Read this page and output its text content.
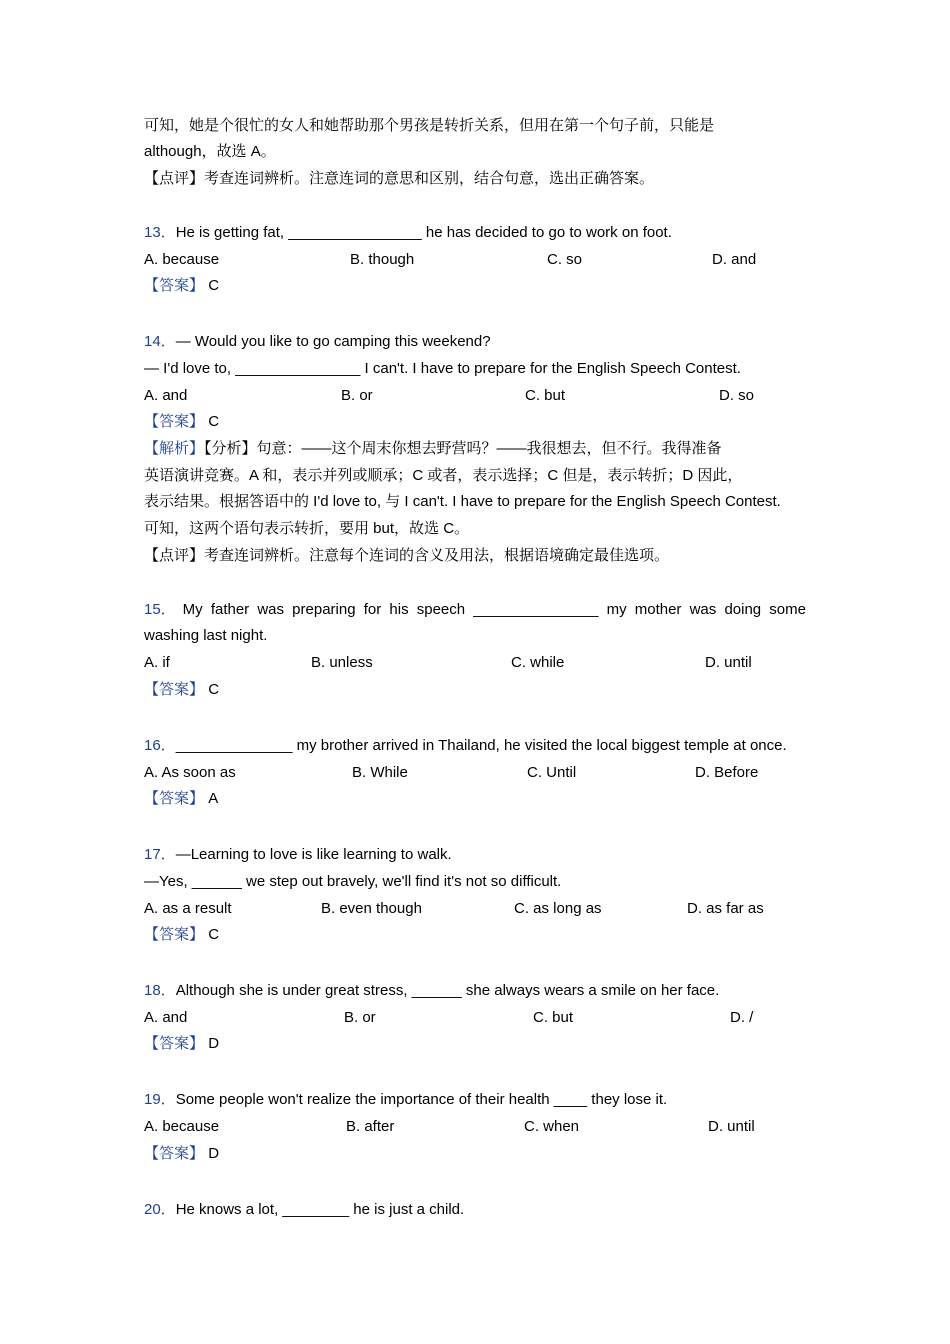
可知，她是个很忙的女人和她帮助那个男孩是转折关系，但用在第一个句子前，只能是
although，故选 A。
【点评】考查连词辨析。注意连词的意思和区别，结合句意，选出正确答案。
13．He is getting fat, ________________ he has decided to go to work on foot.
A. because	B. though	C. so	D. and
【答案】 C
14．— Would you like to go camping this weekend?
— I'd love to, _______________ I can't. I have to prepare for the English Speech Contest.
A. and	B. or	C. but	D. so
【答案】 C
【解析】【分析】句意：——这个周末你想去野营吗？——我很想去，但不行。我得准备
英语演讲竞赛。A 和，表示并列或顺承；C 或者，表示选择；C 但是，表示转折；D 因此，
表示结果。根据答语中的 I'd love to, 与 I can't. I have to prepare for the English Speech Contest.
可知，这两个语句表示转折，要用 but，故选 C。
【点评】考查连词辨析。注意每个连词的含义及用法，根据语境确定最佳选项。
15． My father was preparing for his speech _______________ my mother was doing some
washing last night.
A. if	B. unless	C. while	D. until
【答案】 C
16．______________ my brother arrived in Thailand, he visited the local biggest temple at once.
A. As soon as	B. While	C. Until	D. Before
【答案】 A
17．—Learning to love is like learning to walk.
—Yes, ______ we step out bravely, we'll find it's not so difficult.
A. as a result	B. even though	C. as long as	D. as far as
【答案】 C
18．Although she is under great stress, ______ she always wears a smile on her face.
A. and	B. or	C. but	D. /
【答案】 D
19．Some people won't realize the importance of their health ____ they lose it.
A. because	B. after	C. when	D. until
【答案】 D
20．He knows a lot, ________ he is just a child.
